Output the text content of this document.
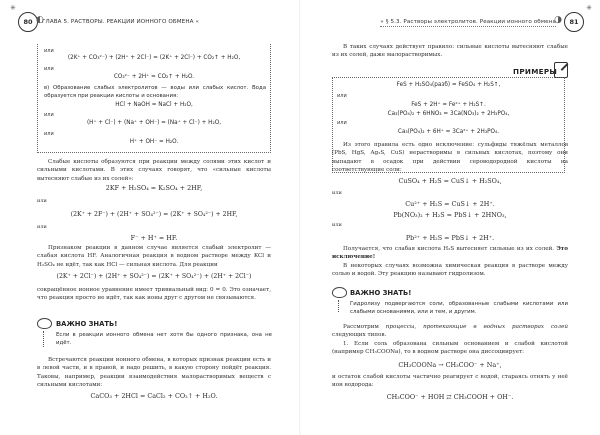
✳
80 ◐
ГЛАВА 5. РАСТВОРЫ. РЕАКЦИИ ИОННОГО ОБМЕНА «
или
(2K⁺ + CO₃²⁻) + (2H⁺ + 2Cl⁻) = (2K⁺ + 2Cl⁻) + CO₂↑ + H₂O,
или
CO₃²⁻ + 2H⁺ = CO₂↑ + H₂O.
в) Образование слабых электролитов — воды или слабых кислот. Вода образуется при реакции кислоты и основания:
HCl + NaOH = NaCl + H₂O,
или
(H⁺ + Cl⁻) + (Na⁺ + OH⁻) = (Na⁺ + Cl⁻) + H₂O,
или
H⁺ + OH⁻ = H₂O.
Слабые кислоты образуются при реакции между солями этих кислот и сильными кислотами. В этих случаях говорят, что «сильные кислоты вытесняют слабые из их солей»:
2KF + H₂SO₄ = K₂SO₄ + 2HF,
или
(2K⁺ + 2F⁻) + (2H⁺ + SO₄²⁻) = (2K⁺ + SO₄²⁻) + 2HF,
или
F⁻ + H⁺ = HF.
Признаком реакции в данном случае является слабый электролит — слабая кислота HF. Аналогичная реакция в водном растворе между KCl и H₂SO₄ не идёт, так как HCl — сильная кислота. Для реакции
(2K⁺ + 2Cl⁻) + (2H⁺ + SO₄²⁻) = (2K⁺ + SO₄²⁻) + (2H⁺ + 2Cl⁻)
сокращённое ионное уравнение имеет тривиальный вид: 0 = 0. Это означает, что реакция просто не идёт, так как ионы друг с другом не связываются.
ВАЖНО ЗНАТЬ!
Если в реакции ионного обмена нет хотя бы одного признака, она не идёт.
Встречаются реакции ионного обмена, в которых признак реакции есть и в левой части, и в правой, и надо решить, в какую сторону пойдёт реакция. Таковы, например, реакции взаимодействия малорастворимых веществ с сильными кислотами:
CaCO₃ + 2HCl = CaCl₂ + CO₂↑ + H₂O.
» § 5.3. Растворы электролитов. Реакции ионного обмена
◑ 81
✳
В таких случаях действует правило: сильные кислоты вытесняют слабые из их солей, даже малорастворимых.
ПРИМЕРЫ
FeS + H₂SO₄(разб) = FeSO₄ + H₂S↑,
или
FeS + 2H⁺ = Fe²⁺ + H₂S↑.
Ca₃(PO₄)₂ + 6HNO₃ = 3Ca(NO₃)₂ + 2H₃PO₄,
или
Ca₃(PO₄)₂ + 6H⁺ = 3Ca²⁺ + 2H₃PO₄.
Из этого правила есть одно исключение: сульфиды тяжёлых металлов (PbS, HgS, Ag₂S, CuS) нерастворимы в сильных кислотах, поэтому они выпадают в осадок при действии сероводородной кислоты на соответствующие соли:
CuSO₄ + H₂S = CuS↓ + H₂SO₄,
или
Cu²⁺ + H₂S = CuS↓ + 2H⁺.
Pb(NO₃)₂ + H₂S = PbS↓ + 2HNO₃,
или
Pb²⁺ + H₂S = PbS↓ + 2H⁺.
Получается, что слабая кислота H₂S вытесняет сильные из их солей. Это исключение!
В некоторых случаях возможна химическая реакция в растворе между солью и водой. Эту реакцию называют гидролизом.
ВАЖНО ЗНАТЬ!
Гидролизу подвергаются соли, образованные слабыми кислотами или слабыми основаниями, или и тем, и другим.
Рассмотрим процессы, протекающие в водных растворах солей следующих типов.
1. Если соль образована сильным основанием и слабой кислотой (например CH₃COONa), то в водном растворе она диссоциирует:
CH₃COONa → CH₃COO⁻ + Na⁺,
и остаток слабой кислоты частично реагирует с водой, стараясь отнять у неё ион водорода:
CH₃COO⁻ + HOH ⇄ CH₃COOH + OH⁻.
